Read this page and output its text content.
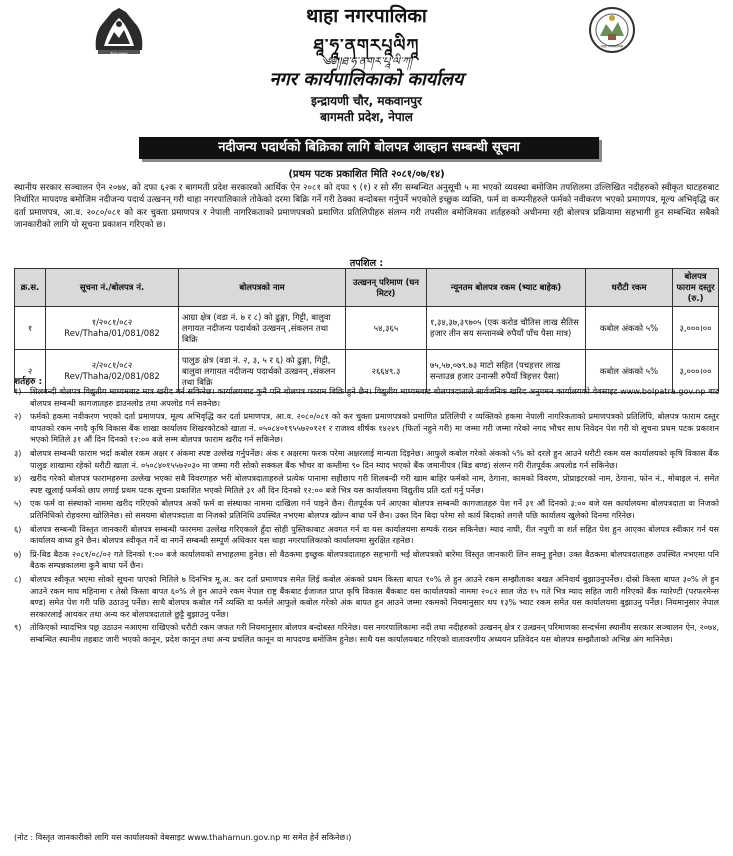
नेपाल सरकार
थाहा नगरपालिका
ཐཱ་ཧཱ་ནགརཔཱལིཀཱ
༄༅།།ཐ་ཧ་ནགར་པཱ་ལི་ཀ།
नगर कार्यपालिकाको कार्यालय
इन्द्रायणी चौर, मकवानपुर
बागमती प्रदेश, नेपाल
थाहा नगरपालिका
नदीजन्य पदार्थको बिक्रिका लागि बोलपत्र आव्हान सम्बन्धी सूचना
(प्रथम पटक प्रकाशित मिति २०८१/०७/१४)
स्थानीय सरकार सञ्चालन ऐन २०७४, को दफा ६२क र बागमती प्रदेश सरकारको आर्थिक ऐन २०८१ को दफा ९ (१) र सो सँग सम्बन्धित अनुसूची ५ मा भएको व्यवस्था बमोजिम तपशिलमा उल्लिखित नदीहरुको स्वीकृत घाटहरुबाट निर्धारित मापदण्ड बमोजिम नदीजन्य पदार्थ उत्खनन् गरी थाहा नगरपालिकाले तोकेको दरमा बिक्रि गर्ने गरी ठेक्का बन्दोबस्त गर्नुपर्ने भएकोले इच्छुक व्यक्ति, फर्म वा कम्पनीहरुले फर्मको नवीकरण भएको प्रमाणपत्र, मूल्य अभिवृद्धि कर दर्ता प्रमाणपत्र, आ.व. २०८०/०८१ को कर चुक्ता प्रमाणपत्र र नेपाली नागरिकताको प्रमाणपत्रको प्रमाणित प्रतिलिपीहरु संलग्न गरी तपसील बमोजिमका शर्तहरुको अधीनमा रही बोलपत्र प्रक्रियामा सहभागी हुन सम्बन्धित सबैको जानकारीको लागि यो सूचना प्रकाशन गरिएको छ।
तपशिल :
क्र.स.	सूचना नं./बोलपत्र नं.	बोलपत्रको नाम	उत्खनन् परिमाण (घन मिटर)	न्यूनतम बोलपत्र रकम (भ्याट बाहेक)	धरौटी रकम	बोलपत्र फाराम दस्तुर (रु.)
१	१/२०८१/०८२
Rev/Thaha/01/081/082	आग्रा क्षेत्र (वडा नं. ७ र ८) को ढुङ्गा, गिट्टी, बालुवा लगायत नदीजन्य पदार्थको उत्खनन् ,संकलन तथा बिक्रि	५४,३६५	१,३४,३७,३९७०५ (एक करोड चौतिस लाख सैतिस हजार तीन सय सन्तानब्बे रुपैयाँ पाँच पैसा मात्र)	कबोल अंकको ५%	३,०००।००
२	२/२०८१/०८२
Rev/Thaha/02/081/082	पालुङ क्षेत्र (वडा नं. २, ३, ५ र ६) को ढुङ्गा, गिट्टी, बालुवा लगायत नदीजन्य पदार्थको उत्खनन् ,संकलन तथा बिक्रि	२६६४९.३	७५,५७,०७९.७३ माटो सहित (पचहत्तर लाख सन्ताउन्न हजार उनान्सी रुपैयाँ त्रिहत्तर पैसा)	कबोल अंकको ५%	३,०००।००
शर्तहरु :
१)	शिलबन्दी बोलपत्र विद्युतीय माध्यमबाट मात्र खरीद गर्न सकिनेछ। कार्यालयबाट कुनै पनि बोलपत्र फाराम बिक्रि हुने छैन। विद्युतीय माध्यमबाट बोलपत्रदाताले सार्वजनिक खरिद अनुगमन कार्यालयको वेबसाइट www.bolpatra.gov.np बाट बोलपत्र सम्बन्धी कागजातहरु डाउनलोड तथा अपलोड गर्न सक्नेछ।
२)	फर्मको हकमा नवीकरण भएको दर्ता प्रमाणपत्र, मूल्य अभिवृद्धि कर दर्ता प्रमाणपत्र, आ.व. २०८०/०८१ को कर चुक्ता प्रमाणपत्रको प्रमाणित प्रतिलिपी र व्यक्तिको हकमा नेपाली नागरिकताको प्रमाणपत्रको प्रतिलिपि, बोलपत्र फाराम दस्तुर वापतको रकम नगदै कृषि विकास बैंक शाखा कार्यालय शिखरकोटको खाता नं. ०५०८४०१९५५७२०१२१ र राजश्व शीर्षक १४२४९ (फिर्ता नहुने गरी) मा जम्मा गरी जम्मा गरेको नगद भौचर साथ निवेदन पेश गरी यो सूचना प्रथम पटक प्रकाशन भएको मितिले ३१ औं दिन दिनको १२:०० बजे सम्म बोलपत्र फाराम खरीद गर्न सकिनेछ।
३)	बोलपत्र सम्बन्धी फाराम भर्दा कबोल रकम अक्षर र अंकमा स्पष्ट उल्लेख गर्नुपर्नेछ। अंक र अक्षरमा फरक परेमा अक्षरलाई मान्यता दिइनेछ। आफुले कबोल गरेको अंकको ५% को दरले हुन आउने धरौटी रकम यस कार्यालयको कृषि विकास बैंक पालुङ शाखामा रहेको धरौटी खाता नं. ०५०८४०१५५७२०३० मा जम्मा गरी सोको सक्कल बैंक भौचर वा कम्तीमा ९० दिन म्याद भएको बैंक जमानीपत्र (बिड बण्ड) संलग्न गरी रीतपूर्वक अपलोड गर्न सकिनेछ।
४)	खरीद गरेको बोलपत्र फारामहरुमा उल्लेख भएका सबै विवरणहरु भरी बोलपत्रदाताहरुले प्रत्येक पानामा सहीछाप गरी शिलबन्दी गरी खाम बाहिर फर्मको नाम, ठेगाना, कामको विवरण, प्रोप्राइटरको नाम, ठेगाना, फोन नं., मोबाइल नं. समेत स्पष्ट खुलाई फर्मको छाप लगाई प्रथम पटक सूचना प्रकाशित भएको मितिले ३१ औं दिन दिनको १२:०० बजे भित्र यस कार्यालयमा विद्युतीय प्रति दर्ता गर्नु पर्नेछ।
५)	एक फर्म वा संस्थाको नाममा खरीद गरिएको बोलपत्र अर्को फर्म वा संस्थाका नाममा दाखिला गर्न पाइने छैन। रीतपूर्वक पर्न आएका बोलपत्र सम्बन्धी कागजातहरु पेश गर्ने ३१ औं दिनको ३:०० बजे यस कार्यालयमा बोलपत्रदाता वा निजको प्रतिनिधिको रोहवरमा खोलिनेछ। सो समयमा बोलपत्रदाता वा निजको प्रतिनिधि उपस्थित नभएमा बोलपत्र खोल्न बाधा पर्ने छैन। उक्त दिन बिदा परेमा सो कार्य बिदाको लगत्तै पछि कार्यालय खुलेको दिनमा गरिनेछ।
६)	बोलपत्र सम्बन्धी विस्तृत जानकारी बोलपत्र सम्बन्धी फारममा उल्लेख गरिएकाले हुँदा सोही पुस्तिकाबाट अवगत गर्न वा यस कार्यालयमा सम्पर्क राख्न सकिनेछ। म्याद नाघी, रीत नपुगी वा शर्त सहित पेश हुन आएका बोलपत्र स्वीकार गर्न यस कार्यालय बाध्य हुने छैन। बोलपत्र स्वीकृत गर्ने वा नगर्ने सम्बन्धी सम्पूर्ण अधिकार यस थाहा नगरपालिकाको कार्यालयमा सुरक्षित रहनेछ।
७)	प्रि-बिड बैठक २०८१/०८/०२ गते दिनको १:०० बजे कार्यालयको सभाहलमा हुनेछ। सो बैठकमा इच्छुक बोलपत्रदाताहरु सहभागी भई बोलपत्रको बारेमा विस्तृत जानकारी लिन सक्नु हुनेछ। उक्त बैठकमा बोलपत्रदाताहरु उपस्थित नभएमा पनि बैठक सम्पन्नकालमा कुनै बाधा पर्ने छैन।
८)	बोलपत्र स्वीकृत भएमा सोको सूचना पाएको मितिले ७ दिनभित्र मू.अ. कर दर्ता प्रमाणपत्र समेत लिई कबोल अंकको प्रथम किस्ता बापत १०% ले हुन आउने रकम सम्झौताका बखत अनिवार्य बुझाउनुपर्नेछ। दोस्रो किस्ता बापत ३०% ले हुन आउने रकम माघ महिनामा र तेस्रो किस्ता बापत ६०% ले हुन आउने रकम नेपाल राष्ट्र बैंकबाट ईजाजत प्राप्त कृषि विकास बैंकबाट यस कार्यालयको नाममा २०८२ साल जेठ १५ गते भित्र म्याद सहित जारी गरिएको बैंक ग्यारेण्टी (परफरमेन्स बण्ड) समेत पेश गरी पछि उठाउनु पर्नेछ। साथै बोलपत्र कबोल गर्ने व्यक्ति वा फर्मले आफुले कबोल गरेको अंक बापत हुन आउने जम्मा रकमको नियमानुसार थप १३% भ्याट रकम समेत यस कार्यालयमा बुझाउनु पर्नेछ। नियमानुसार नेपाल सरकारलाई आयकर तथा अन्य कर बोलपत्रदाताले छुट्टै बुझाउनु पर्नेछ।
९)	तोकिएको म्यादभित्र पछ्र उठाउन नआएमा राखिएको धरौटी रकम जफत गरी नियमानुसार बोलपत्र बन्दोबस्त गरिनेछ। यस नगरपालिकामा नदी तथा नदीहरुको उत्खनन् क्षेत्र र उत्खनन् परिमाणका सन्दर्भमा स्थानीय सरकार सञ्चालन ऐन, २०७४, सम्बन्धित स्थानीय तहबाट जारी भएको कानून, प्रदेश कानून तथा अन्य प्रचलित कानून वा मापदण्ड बमोजिम हुनेछ। साथै यस कार्यालयबाट गरिएको वातावरणीय अध्ययन प्रतिवेदन यस बोलपत्र सम्झौताको अभिन्न अंग मानिनेछ।
(नोट : विस्तृत जानकारीको लागि यस कार्यालयको वेबसाइट www.thahamun.gov.np मा समेत हेर्न सकिनेछ।)
